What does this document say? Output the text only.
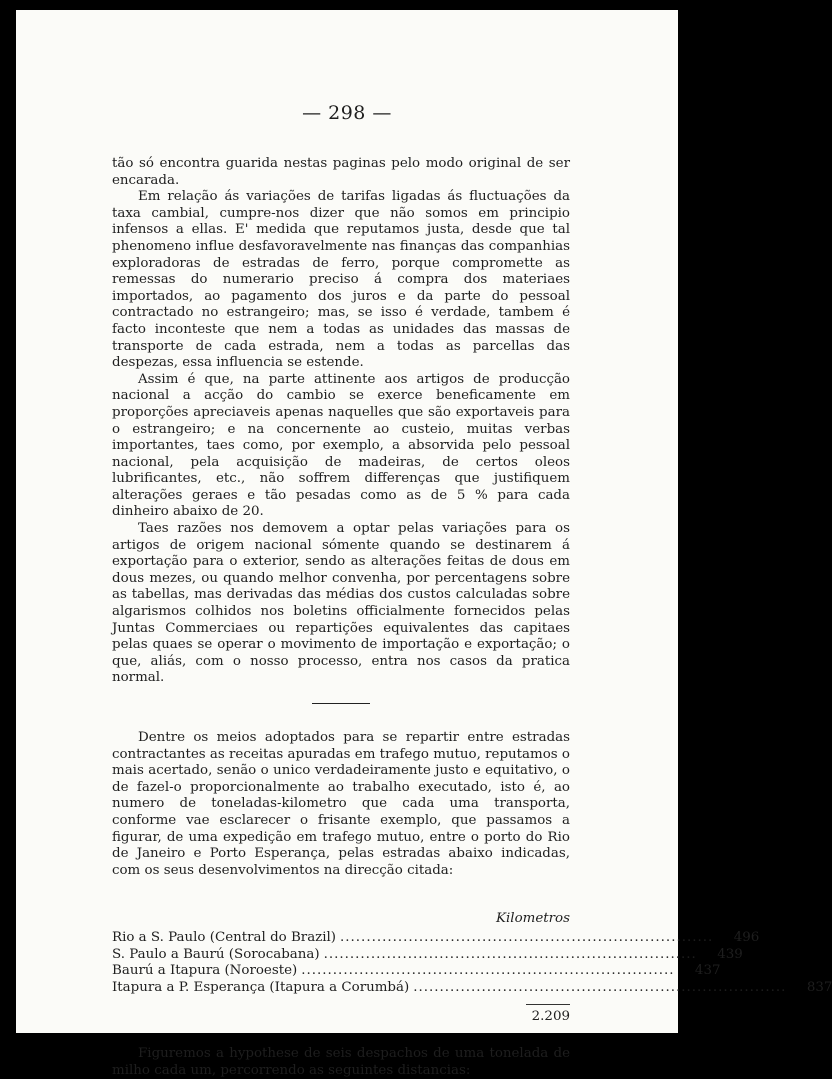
— 298 —

tão só encontra guarida nestas paginas pelo modo original de ser encarada.

Em relação ás variações de tarifas ligadas ás fluctuações da taxa cambial, cumpre-nos dizer que não somos em principio infensos a ellas. E' medida que reputamos justa, desde que tal phenomeno influe desfavoravelmente nas finanças das companhias exploradoras de estradas de ferro, porque compromette as remessas do numerario preciso á compra dos materiaes importados, ao pagamento dos juros e da parte do pessoal contractado no estrangeiro; mas, se isso é verdade, tambem é facto inconteste que nem a todas as unidades das massas de transporte de cada estrada, nem a todas as parcellas das despezas, essa influencia se estende.

Assim é que, na parte attinente aos artigos de producção nacional a acção do cambio se exerce beneficamente em proporções apreciaveis apenas naquelles que são exportaveis para o estrangeiro; e na concernente ao custeio, muitas verbas importantes, taes como, por exemplo, a absorvida pelo pessoal nacional, pela acquisição de madeiras, de certos oleos lubrificantes, etc., não soffrem differenças que justifiquem alterações geraes e tão pesadas como as de 5 % para cada dinheiro abaixo de 20.

Taes razões nos demovem a optar pelas variações para os artigos de origem nacional sómente quando se destinarem á exportação para o exterior, sendo as alterações feitas de dous em dous mezes, ou quando melhor convenha, por percentagens sobre as tabellas, mas derivadas das médias dos custos calculadas sobre algarismos colhidos nos boletins officialmente fornecidos pelas Juntas Commerciaes ou repartições equivalentes das capitaes pelas quaes se operar o movimento de importação e exportação; o que, aliás, com o nosso processo, entra nos casos da pratica normal.

Dentre os meios adoptados para se repartir entre estradas contractantes as receitas apuradas em trafego mutuo, reputamos o mais acertado, senão o unico verdadeiramente justo e equitativo, o de fazel-o proporcionalmente ao trabalho executado, isto é, ao numero de toneladas-kilometro que cada uma transporta, conforme vae esclarecer o frisante exemplo, que passamos a figurar, de uma expedição em trafego mutuo, entre o porto do Rio de Janeiro e Porto Esperança, pelas estradas abaixo indicadas, com os seus desenvolvimentos na direcção citada:

Kilometros

Rio a S. Paulo (Central do Brazil) .....	496
S. Paulo a Baurú (Sorocabana) .....	439
Baurú a Itapura (Noroeste) .....	437
Itapura a P. Esperança (Itapura a Corumbá) .....	837
2.209

Figuremos a hypothese de seis despachos de uma tonelada de milho cada um, percorrendo as seguintes distancias:
